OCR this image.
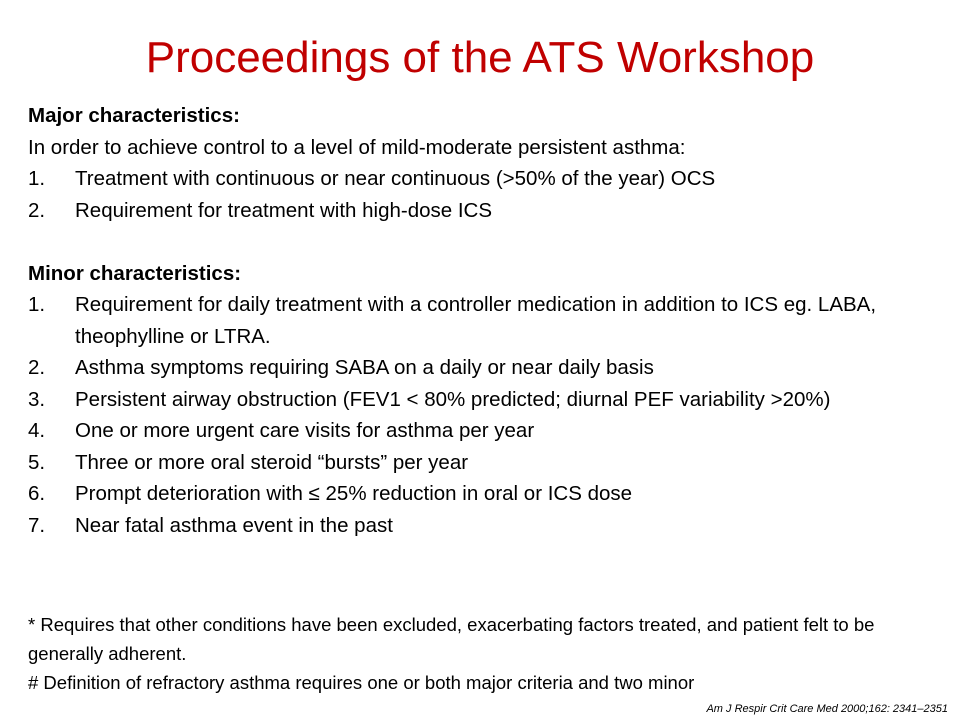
Proceedings of the ATS Workshop
Major characteristics:
In order to achieve control to a level of mild-moderate persistent asthma:
1.	Treatment with continuous or near continuous (>50% of the year) OCS
2.	Requirement for treatment with high-dose ICS
Minor characteristics:
1.	Requirement for daily treatment with a controller medication in addition to ICS eg. LABA, theophylline or LTRA.
2.	Asthma symptoms requiring SABA on a daily or near daily basis
3.	Persistent airway obstruction (FEV1 < 80% predicted; diurnal PEF variability >20%)
4.	One or more urgent care visits for asthma per year
5.	Three or more oral steroid “bursts” per year
6.	Prompt deterioration with ≤ 25% reduction in oral or ICS dose
7.	Near fatal asthma event in the past
* Requires that other conditions have been excluded, exacerbating factors treated, and patient felt to be generally adherent.
# Definition of refractory asthma requires one or both major criteria and two minor
Am J Respir Crit Care Med 2000;162: 2341–2351
